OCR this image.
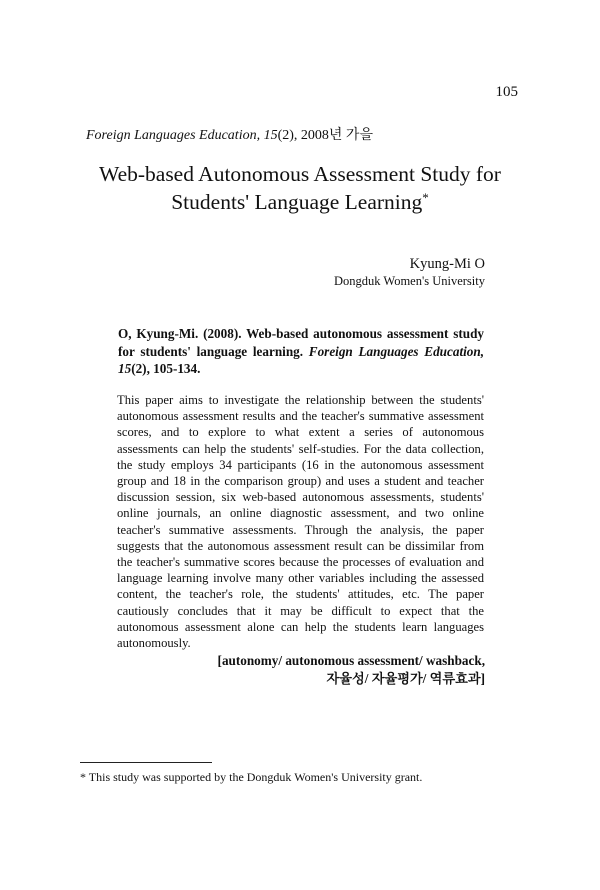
105
Foreign Languages Education, 15(2), 2008년 가을
Web-based Autonomous Assessment Study for
Students' Language Learning*
Kyung-Mi O
Dongduk Women's University
O, Kyung-Mi. (2008). Web-based autonomous assessment study for students' language learning. Foreign Languages Education, 15(2), 105-134.
This paper aims to investigate the relationship between the students' autonomous assessment results and the teacher's summative assessment scores, and to explore to what extent a series of autonomous assessments can help the students' self-studies. For the data collection, the study employs 34 participants (16 in the autonomous assessment group and 18 in the comparison group) and uses a student and teacher discussion session, six web-based autonomous assessments, students' online journals, an online diagnostic assessment, and two online teacher's summative assessments. Through the analysis, the paper suggests that the autonomous assessment result can be dissimilar from the teacher's summative scores because the processes of evaluation and language learning involve many other variables including the assessed content, the teacher's role, the students' attitudes, etc. The paper cautiously concludes that it may be difficult to expect that the autonomous assessment alone can help the students learn languages autonomously.
[autonomy/ autonomous assessment/ washback,
자율성/ 자율평가/ 역류효과]
* This study was supported by the Dongduk Women's University grant.
